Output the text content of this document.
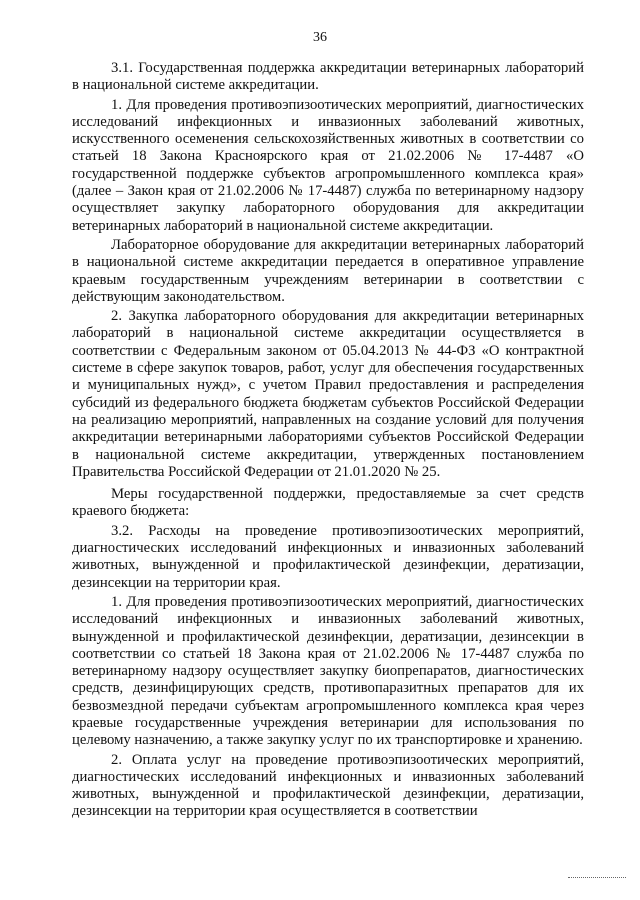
36

3.1. Государственная поддержка аккредитации ветеринарных лабораторий в национальной системе аккредитации.

1. Для проведения противоэпизоотических мероприятий, диагностических исследований инфекционных и инвазионных заболеваний животных, искусственного осеменения сельскохозяйственных животных в соответствии со статьей 18 Закона Красноярского края от 21.02.2006 № 17-4487 «О государственной поддержке субъектов агропромышленного комплекса края» (далее – Закон края от 21.02.2006 № 17-4487) служба по ветеринарному надзору осуществляет закупку лабораторного оборудования для аккредитации ветеринарных лабораторий в национальной системе аккредитации.

Лабораторное оборудование для аккредитации ветеринарных лабораторий в национальной системе аккредитации передается в оперативное управление краевым государственным учреждениям ветеринарии в соответствии с действующим законодательством.

2. Закупка лабораторного оборудования для аккредитации ветеринарных лабораторий в национальной системе аккредитации осуществляется в соответствии с Федеральным законом от 05.04.2013 № 44-ФЗ «О контрактной системе в сфере закупок товаров, работ, услуг для обеспечения государственных и муниципальных нужд», с учетом Правил предоставления и распределения субсидий из федерального бюджета бюджетам субъектов Российской Федерации на реализацию мероприятий, направленных на создание условий для получения аккредитации ветеринарными лабораториями субъектов Российской Федерации в национальной системе аккредитации, утвержденных постановлением Правительства Российской Федерации от 21.01.2020 № 25.

Меры государственной поддержки, предоставляемые за счет средств краевого бюджета:

3.2. Расходы на проведение противоэпизоотических мероприятий, диагностических исследований инфекционных и инвазионных заболеваний животных, вынужденной и профилактической дезинфекции, дератизации, дезинсекции на территории края.

1. Для проведения противоэпизоотических мероприятий, диагностических исследований инфекционных и инвазионных заболеваний животных, вынужденной и профилактической дезинфекции, дератизации, дезинсекции в соответствии со статьей 18 Закона края от 21.02.2006 № 17-4487 служба по ветеринарному надзору осуществляет закупку биопрепаратов, диагностических средств, дезинфицирующих средств, противопаразитных препаратов для их безвозмездной передачи субъектам агропромышленного комплекса края через краевые государственные учреждения ветеринарии для использования по целевому назначению, а также закупку услуг по их транспортировке и хранению.

2. Оплата услуг на проведение противоэпизоотических мероприятий, диагностических исследований инфекционных и инвазионных заболеваний животных, вынужденной и профилактической дезинфекции, дератизации, дезинсекции на территории края осуществляется в соответствии
